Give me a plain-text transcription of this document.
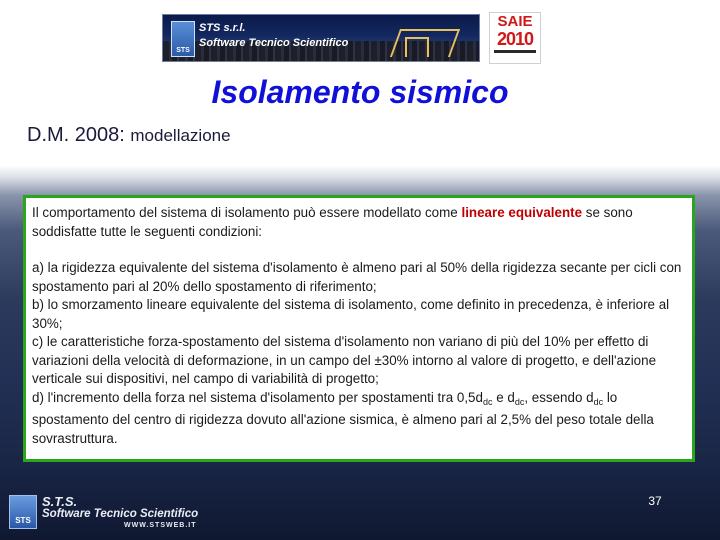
STS
STS s.r.l.
Software Tecnico Scientifico
SAIE
2010
Isolamento sismico
D.M. 2008: modellazione

Il comportamento del sistema di isolamento può essere modellato come lineare equivalente se sono soddisfatte tutte le seguenti condizioni:

a) la rigidezza equivalente del sistema d'isolamento è almeno pari al 50% della rigidezza secante per cicli con spostamento pari al 20% dello spostamento di riferimento;

b) lo smorzamento lineare equivalente del sistema di isolamento, come definito in precedenza, è inferiore al 30%;

c) le caratteristiche forza-spostamento del sistema d'isolamento non variano di più del 10% per effetto di variazioni della velocità di deformazione, in un campo del ±30% intorno al valore di progetto, e dell'azione verticale sui dispositivi, nel campo di variabilità di progetto;

d) l'incremento della forza nel sistema d'isolamento per spostamenti tra $0,5d_{dc}$ e $d_{dc}$, essendo $d_{dc}$ lo spostamento del centro di rigidezza dovuto all'azione sismica, è almeno pari al 2,5% del peso totale della sovrastruttura.

37
STS
S.T.S.
Software Tecnico Scientifico
WWW.STSWEB.IT
